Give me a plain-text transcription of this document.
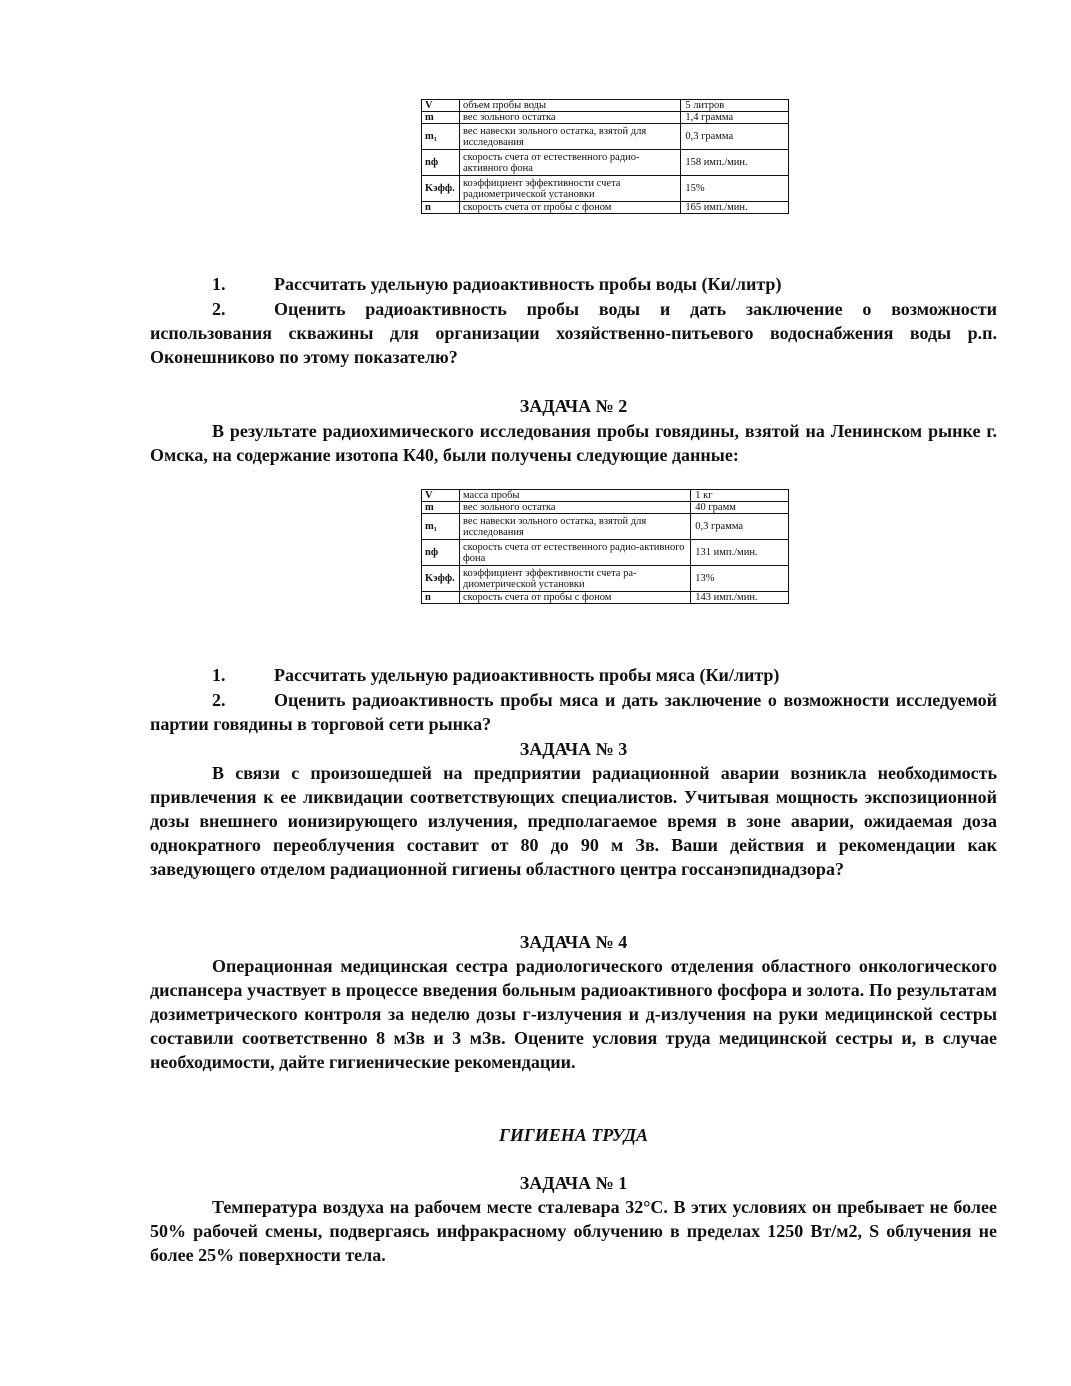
V	объем пробы воды	5 литров
m	вес зольного остатка	1,4 грамма
m₁	вес навески зольного остатка, взятой для исследования	0,3 грамма
nф	скорость счета от естественного радио-активного фона	158 имп./мин.
Kэфф.	коэффициент эффективности счета радиометрической установки	15%
n	скорость счета от пробы с фоном	165 имп./мин.
1.	Рассчитать удельную радиоактивность пробы воды (Ки/литр)

2.	Оценить радиоактивность пробы воды и дать заключение о возможности использования скважины для организации хозяйственно-питьевого водоснабжения воды р.п. Оконешниково по этому показателю?

ЗАДАЧА № 2

В результате радиохимического исследования пробы говядины, взятой на Ленинском рынке г. Омска, на содержание изотопа К40, были получены следующие данные:

V	масса пробы	1 кг
m	вес зольного остатка	40 грамм
m₁	вес навески зольного остатка, взятой для исследования	0,3 грамма
nф	скорость счета от естественного радио-активного фона	131 имп./мин.
Kэфф.	коэффициент эффективности счета ра-диометрической установки	13%
n	скорость счета от пробы с фоном	143 имп./мин.
1.	Рассчитать удельную радиоактивность пробы мяса (Ки/литр)

2.	Оценить радиоактивность пробы мяса и дать заключение о возможности исследуемой партии говядины в торговой сети рынка?

ЗАДАЧА № 3

В связи с произошедшей на предприятии радиационной аварии возникла необходимость привлечения к ее ликвидации соответствующих специалистов. Учитывая мощность экспозиционной дозы внешнего ионизирующего излучения, предполагаемое время в зоне аварии, ожидаемая доза однократного переоблучения составит от 80 до 90 м Зв. Ваши действия и рекомендации как заведующего отделом радиационной гигиены областного центра госсанэпиднадзора?

ЗАДАЧА № 4

Операционная медицинская сестра радиологического отделения областного онкологического диспансера участвует в процессе введения больным радиоактивного фосфора и золота. По результатам дозиметрического контроля за неделю дозы г-излучения и д-излучения на руки медицинской сестры составили соответственно 8 мЗв и 3 мЗв. Оцените условия труда медицинской сестры и, в случае необходимости, дайте гигиенические рекомендации.

ГИГИЕНА ТРУДА

ЗАДАЧА № 1

Температура воздуха на рабочем месте сталевара 32°С. В этих условиях он пребывает не более 50% рабочей смены, подвергаясь инфракрасному облучению в пределах 1250 Вт/м2, S облучения не более 25% поверхности тела.
